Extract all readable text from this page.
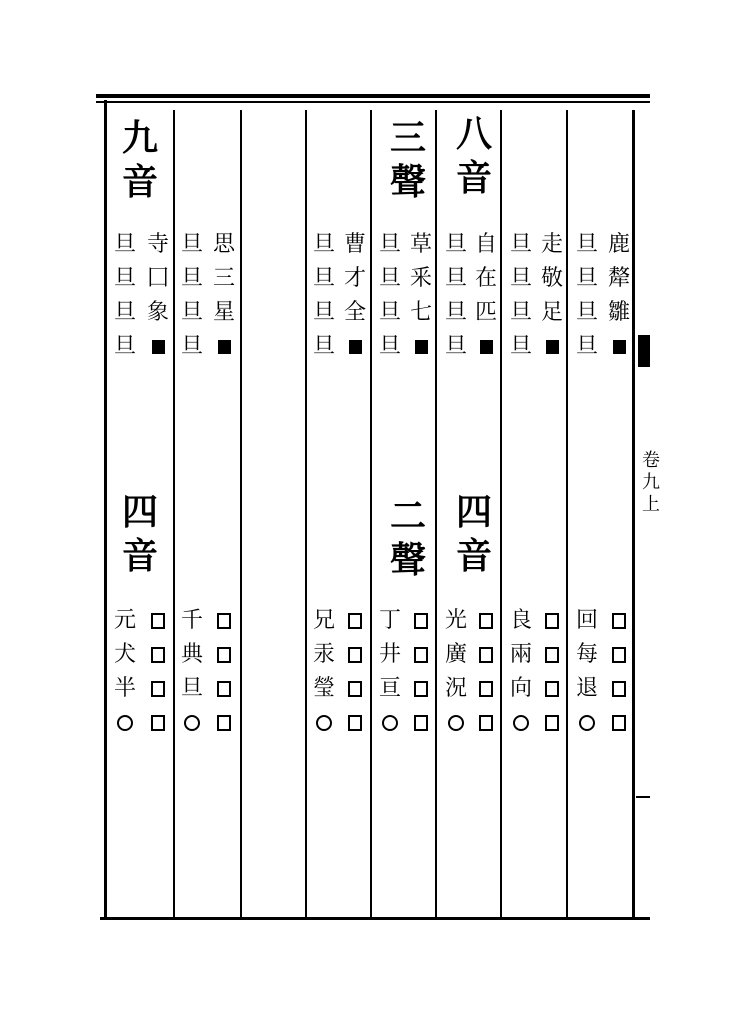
九
音
旦
旦
旦
旦
寺
囗
象
旦
旦
旦
旦
思
三
星
旦
旦
旦
旦
曹
才
全
三
聲
旦
旦
旦
旦
草
釆
七
八
音
旦
旦
旦
旦
自
在
匹
旦
旦
旦
旦
走
敬
足
旦
旦
旦
旦
鹿
犛
雛
四
音
二
聲
四
音
元
犬
半
千
典
旦
兄
汞
瑩
丁
井
亘
光
廣
況
良
兩
向
回
每
退
卷
九
上
